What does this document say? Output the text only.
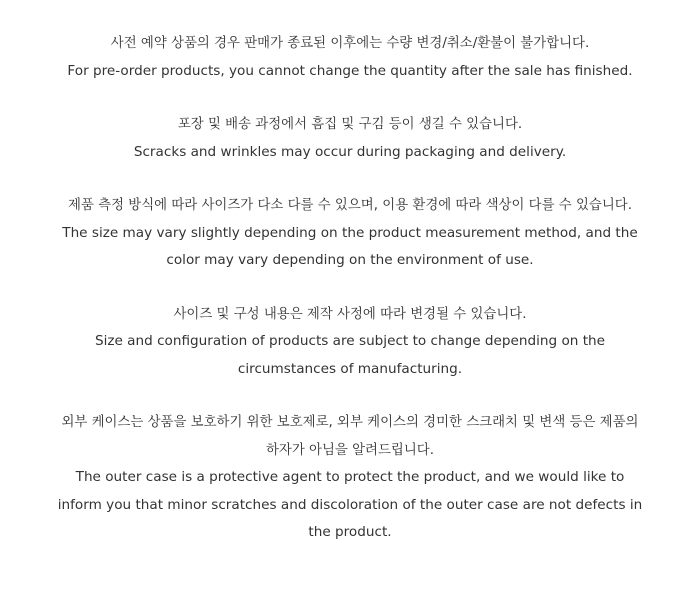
사전 예약 상품의 경우 판매가 종료된 이후에는 수량 변경/취소/환불이 불가합니다.

For pre-order products, you cannot change the quantity after the sale has finished.

포장 및 배송 과정에서 흠집 및 구김 등이 생길 수 있습니다.

Scracks and wrinkles may occur during packaging and delivery.

제품 측정 방식에 따라 사이즈가 다소 다를 수 있으며, 이용 환경에 따라 색상이 다를 수 있습니다.

The size may vary slightly depending on the product measurement method, and the color may vary depending on the environment of use.

사이즈 및 구성 내용은 제작 사정에 따라 변경될 수 있습니다.

Size and configuration of products are subject to change depending on the circumstances of manufacturing.

외부 케이스는 상품을 보호하기 위한 보호제로, 외부 케이스의 경미한 스크래치 및 변색 등은 제품의 하자가 아님을 알려드립니다.

The outer case is a protective agent to protect the product, and we would like to inform you that minor scratches and discoloration of the outer case are not defects in the product.
